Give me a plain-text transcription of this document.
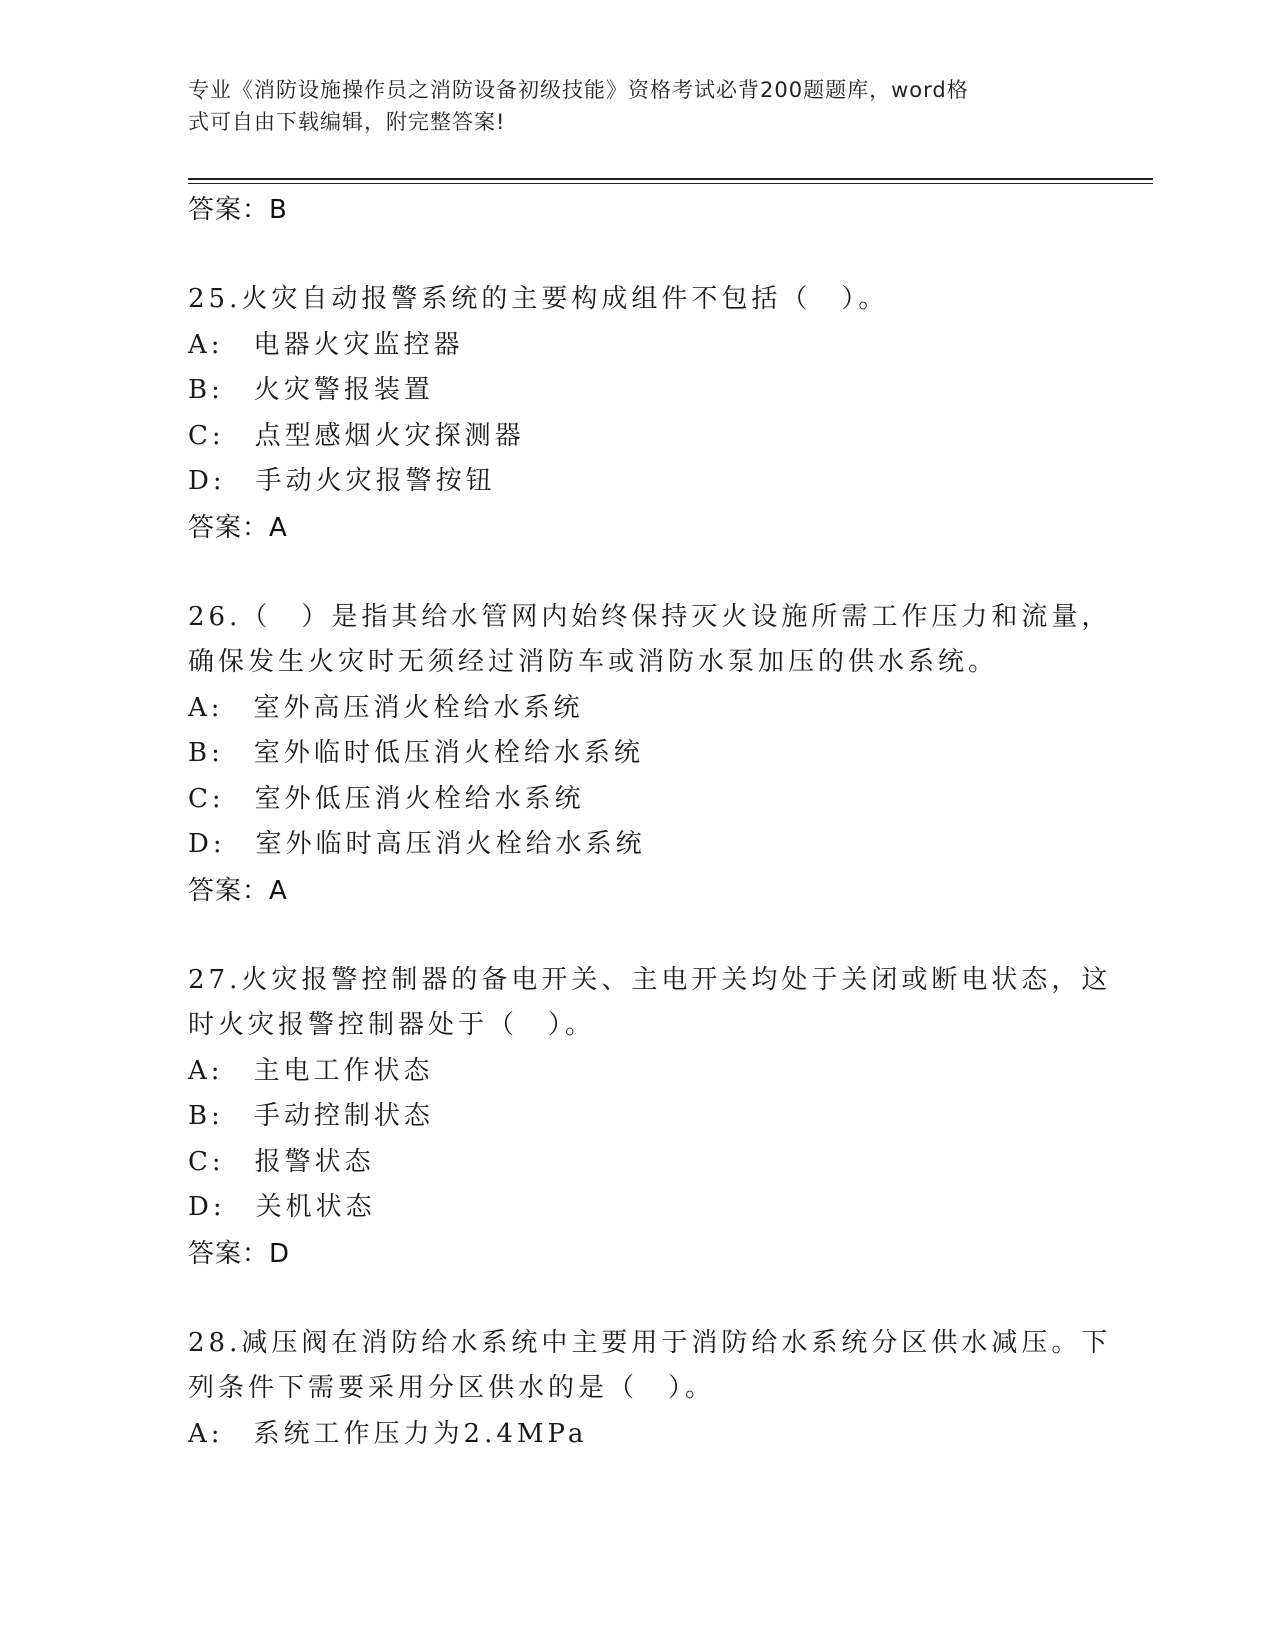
专业《消防设施操作员之消防设备初级技能》资格考试必背200题题库，word格
式可自由下载编辑，附完整答案!
答案：B
25.火灾自动报警系统的主要构成组件不包括（　）。
A:　电器火灾监控器
B:　火灾警报装置
C:　点型感烟火灾探测器
D:　手动火灾报警按钮
答案：A
26.（　）是指其给水管网内始终保持灭火设施所需工作压力和流量，
确保发生火灾时无须经过消防车或消防水泵加压的供水系统。
A:　室外高压消火栓给水系统
B:　室外临时低压消火栓给水系统
C:　室外低压消火栓给水系统
D:　室外临时高压消火栓给水系统
答案：A
27.火灾报警控制器的备电开关、主电开关均处于关闭或断电状态，这
时火灾报警控制器处于（　）。
A:　主电工作状态
B:　手动控制状态
C:　报警状态
D:　关机状态
答案：D
28.减压阀在消防给水系统中主要用于消防给水系统分区供水减压。下
列条件下需要采用分区供水的是（　）。
A:　系统工作压力为2.4MPa
